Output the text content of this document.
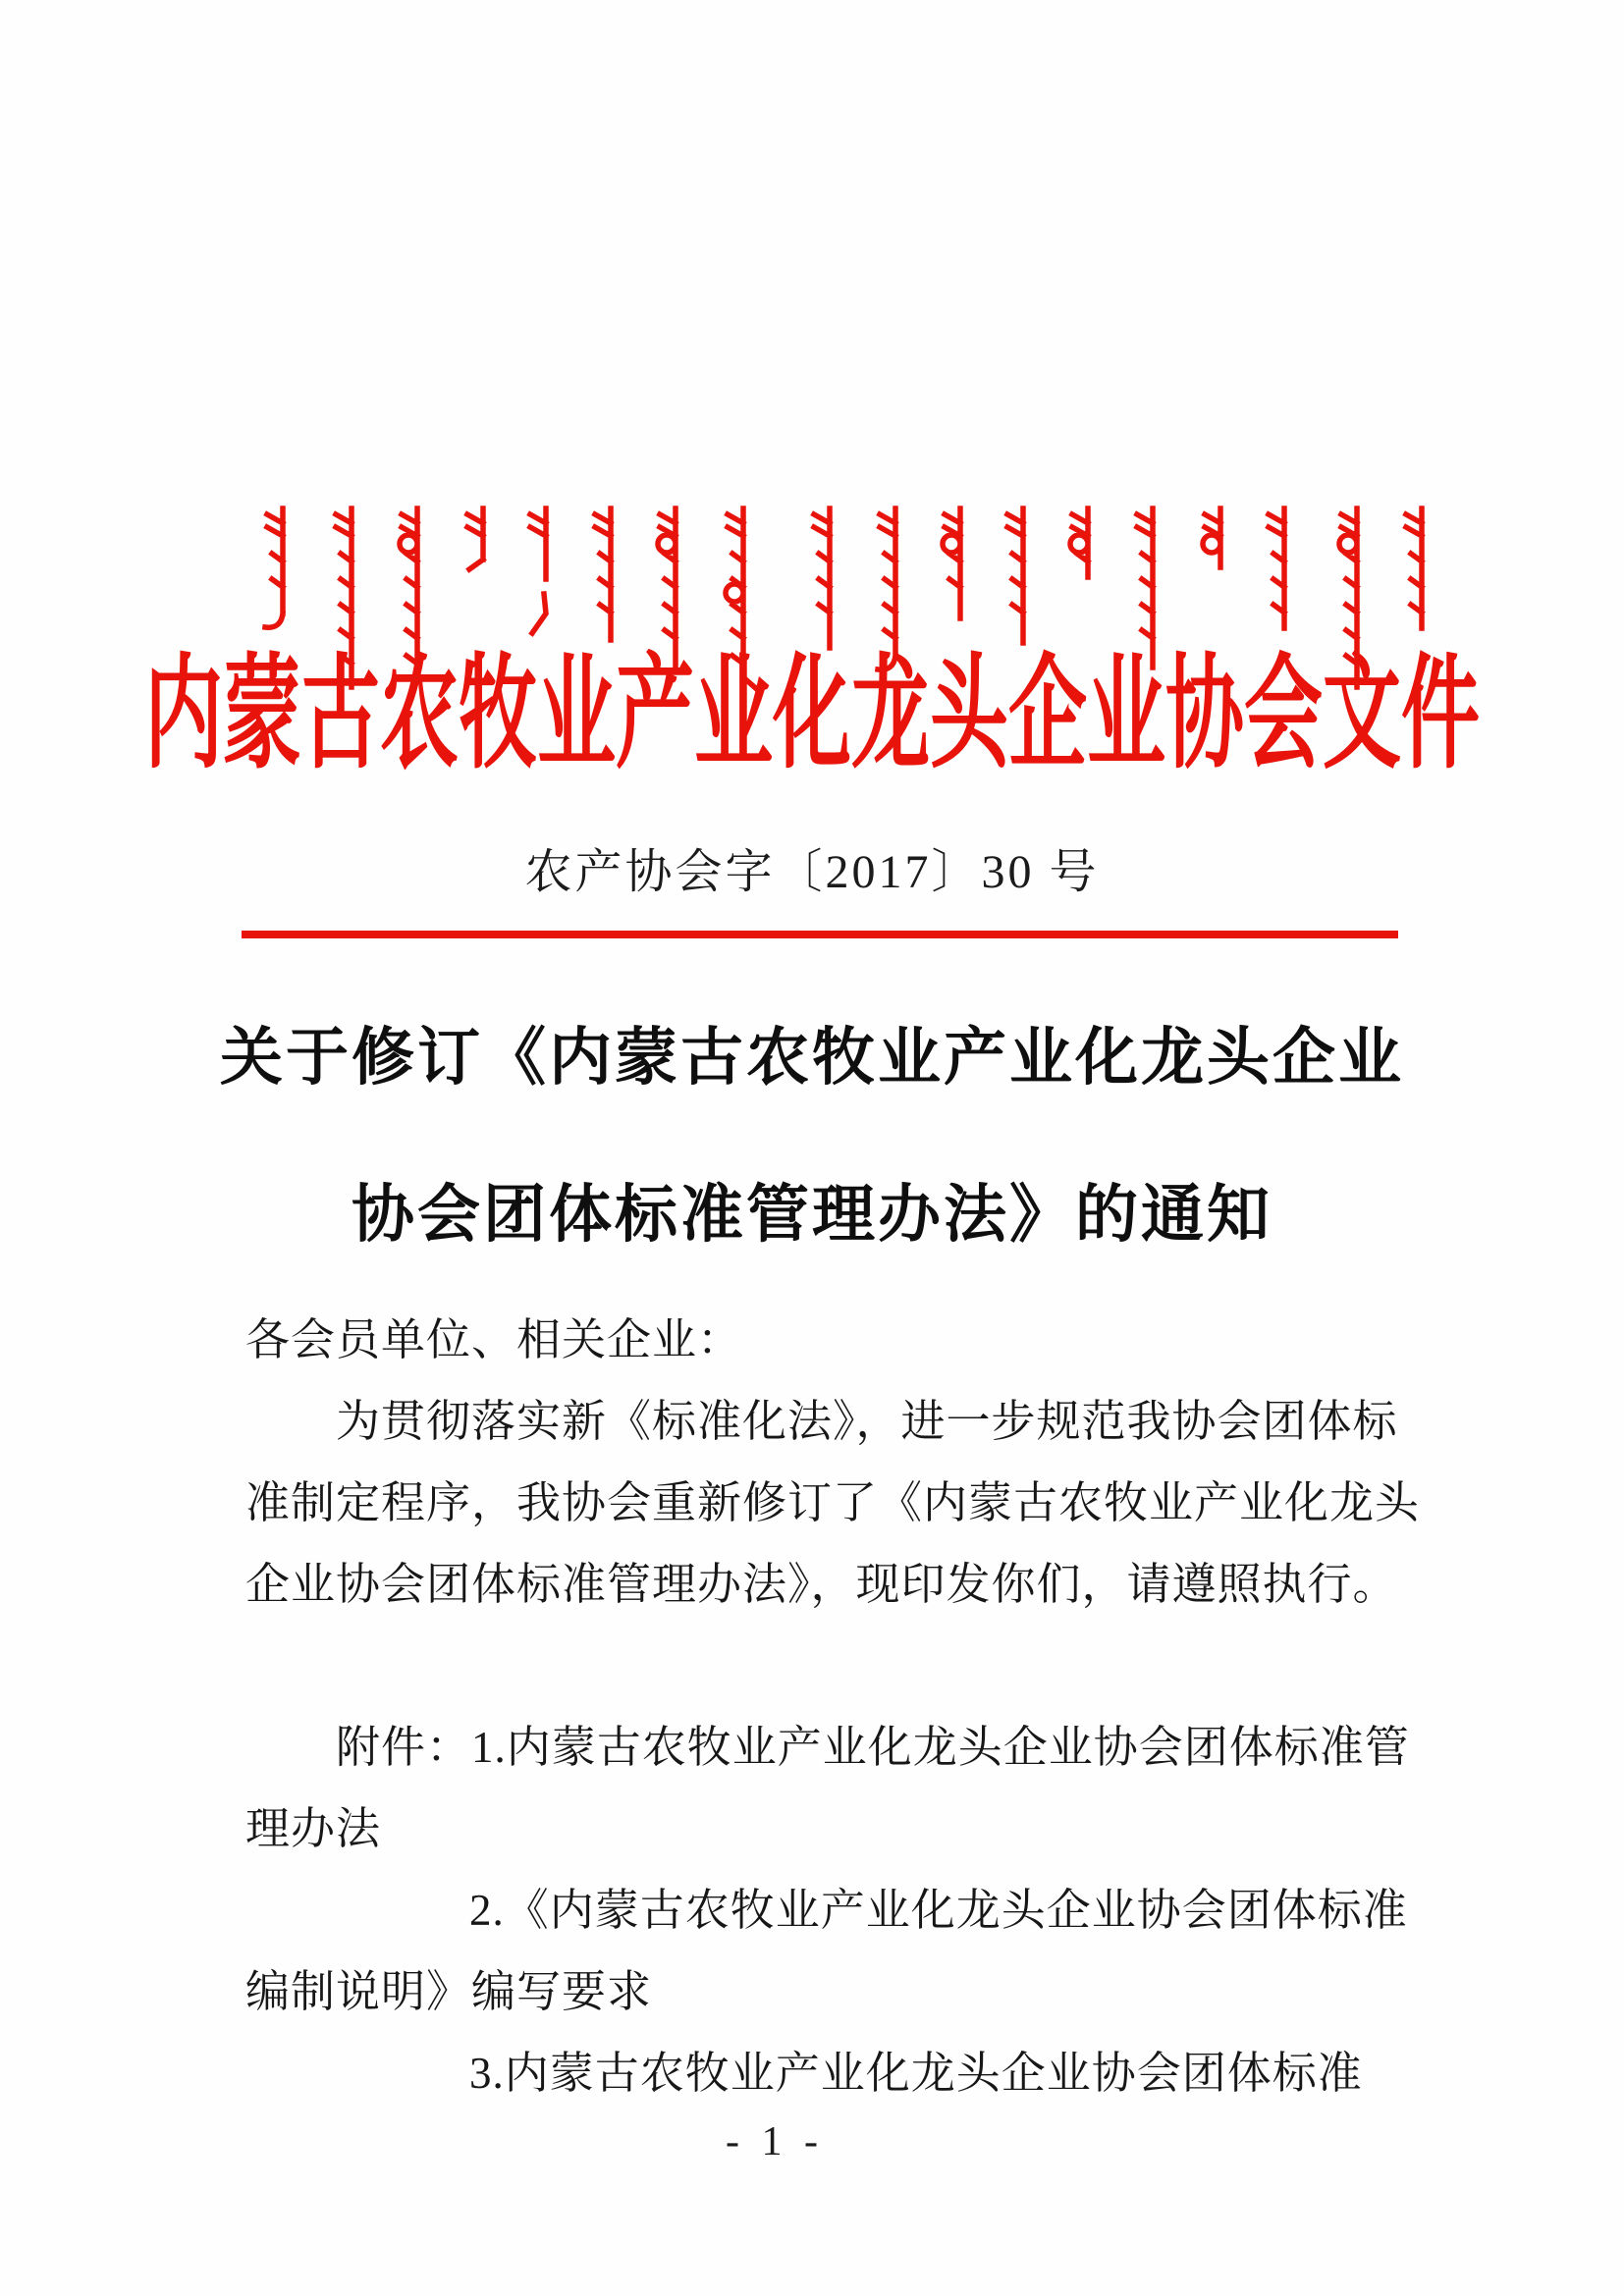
内蒙古农牧业产业化龙头企业协会文件
农产协会字〔2017〕30 号
关于修订《内蒙古农牧业产业化龙头企业
协会团体标准管理办法》的通知
各会员单位、相关企业：
为贯彻落实新《标准化法》，进一步规范我协会团体标
准制定程序，我协会重新修订了《内蒙古农牧业产业化龙头
企业协会团体标准管理办法》，现印发你们，请遵照执行。
附件：1.内蒙古农牧业产业化龙头企业协会团体标准管
理办法
2.《内蒙古农牧业产业化龙头企业协会团体标准
编制说明》编写要求
3.内蒙古农牧业产业化龙头企业协会团体标准
- 1 -
